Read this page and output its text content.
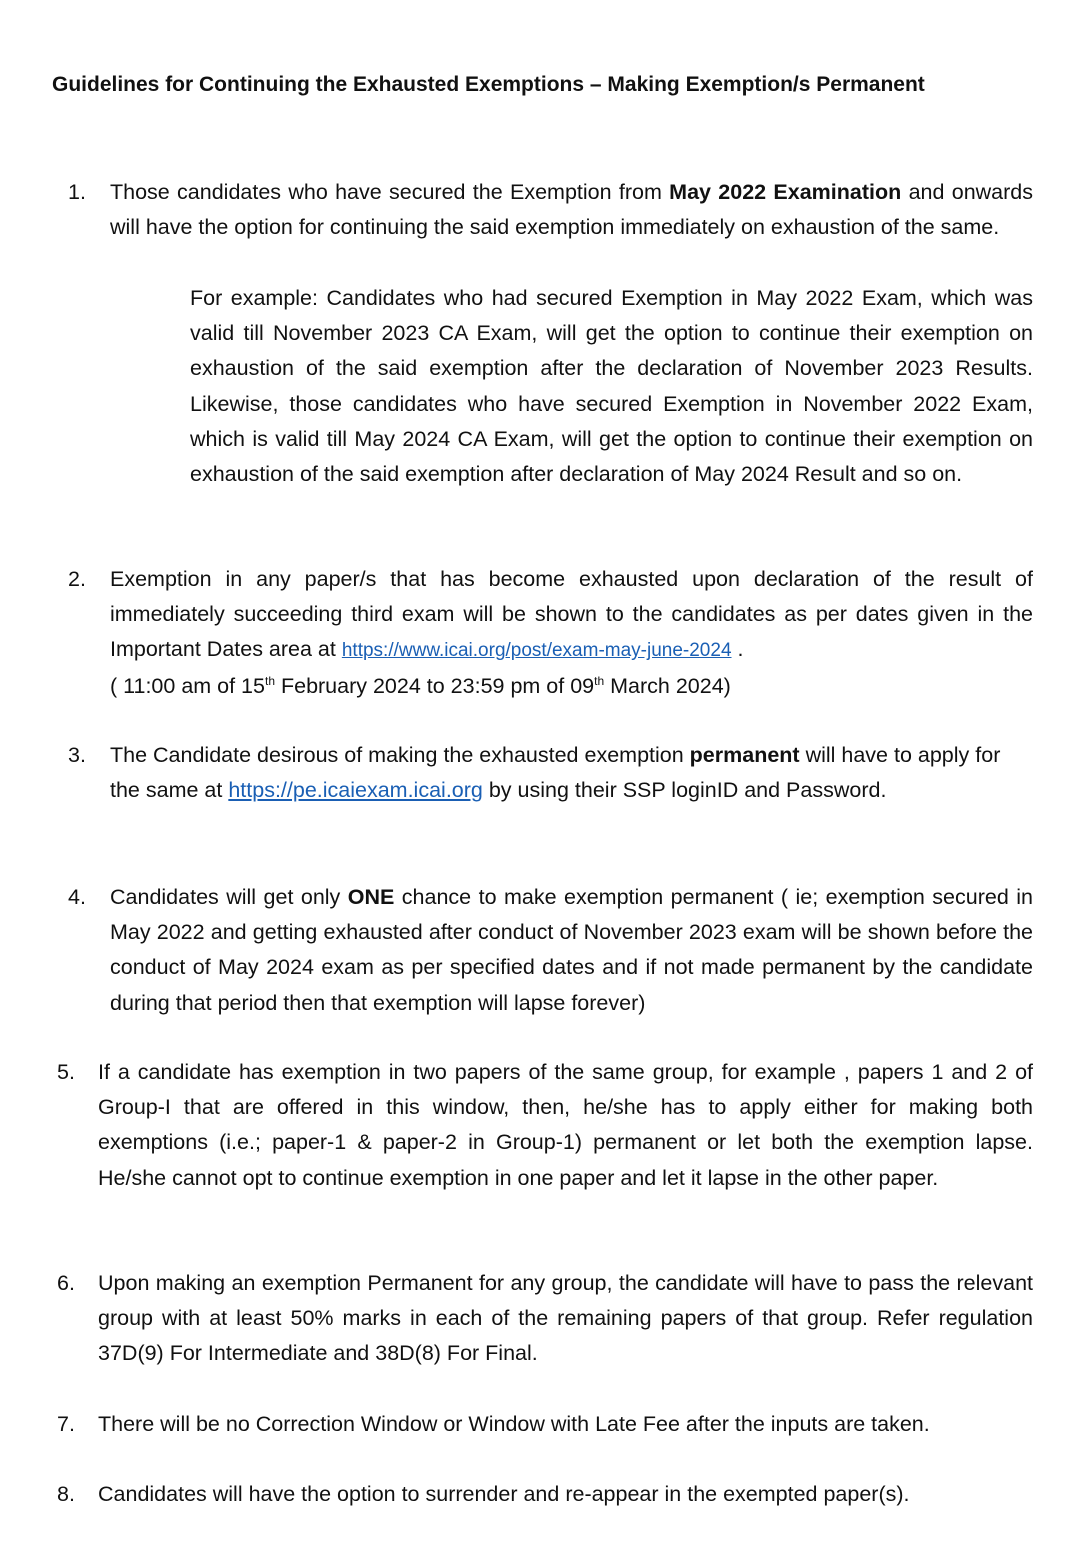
Guidelines for Continuing the Exhausted Exemptions – Making Exemption/s Permanent
1. Those candidates who have secured the Exemption from May 2022 Examination and onwards will have the option for continuing the said exemption immediately on exhaustion of the same.
For example: Candidates who had secured Exemption in May 2022 Exam, which was valid till November 2023 CA Exam, will get the option to continue their exemption on exhaustion of the said exemption after the declaration of November 2023 Results. Likewise, those candidates who have secured Exemption in November 2022 Exam, which is valid till May 2024 CA Exam, will get the option to continue their exemption on exhaustion of the said exemption after declaration of May 2024 Result and so on.
2. Exemption in any paper/s that has become exhausted upon declaration of the result of immediately succeeding third exam will be shown to the candidates as per dates given in the Important Dates area at https://www.icai.org/post/exam-may-june-2024 .

( 11:00 am of 15th February 2024 to 23:59 pm of 09th March 2024)

3. The Candidate desirous of making the exhausted exemption permanent will have to apply for the same at https://pe.icaiexam.icai.org by using their SSP loginID and Password.
4. Candidates will get only ONE chance to make exemption permanent ( ie; exemption secured in May 2022 and getting exhausted after conduct of November 2023 exam will be shown before the conduct of May 2024 exam as per specified dates and if not made permanent by the candidate during that period then that exemption will lapse forever)
5. If a candidate has exemption in two papers of the same group, for example , papers 1 and 2 of Group-I that are offered in this window, then, he/she has to apply either for making both exemptions (i.e.; paper-1 & paper-2 in Group-1) permanent or let both the exemption lapse. He/she cannot opt to continue exemption in one paper and let it lapse in the other paper.
6. Upon making an exemption Permanent for any group, the candidate will have to pass the relevant group with at least 50% marks in each of the remaining papers of that group. Refer regulation 37D(9) For Intermediate and 38D(8) For Final.
7. There will be no Correction Window or Window with Late Fee after the inputs are taken.
8. Candidates will have the option to surrender and re-appear in the exempted paper(s).
